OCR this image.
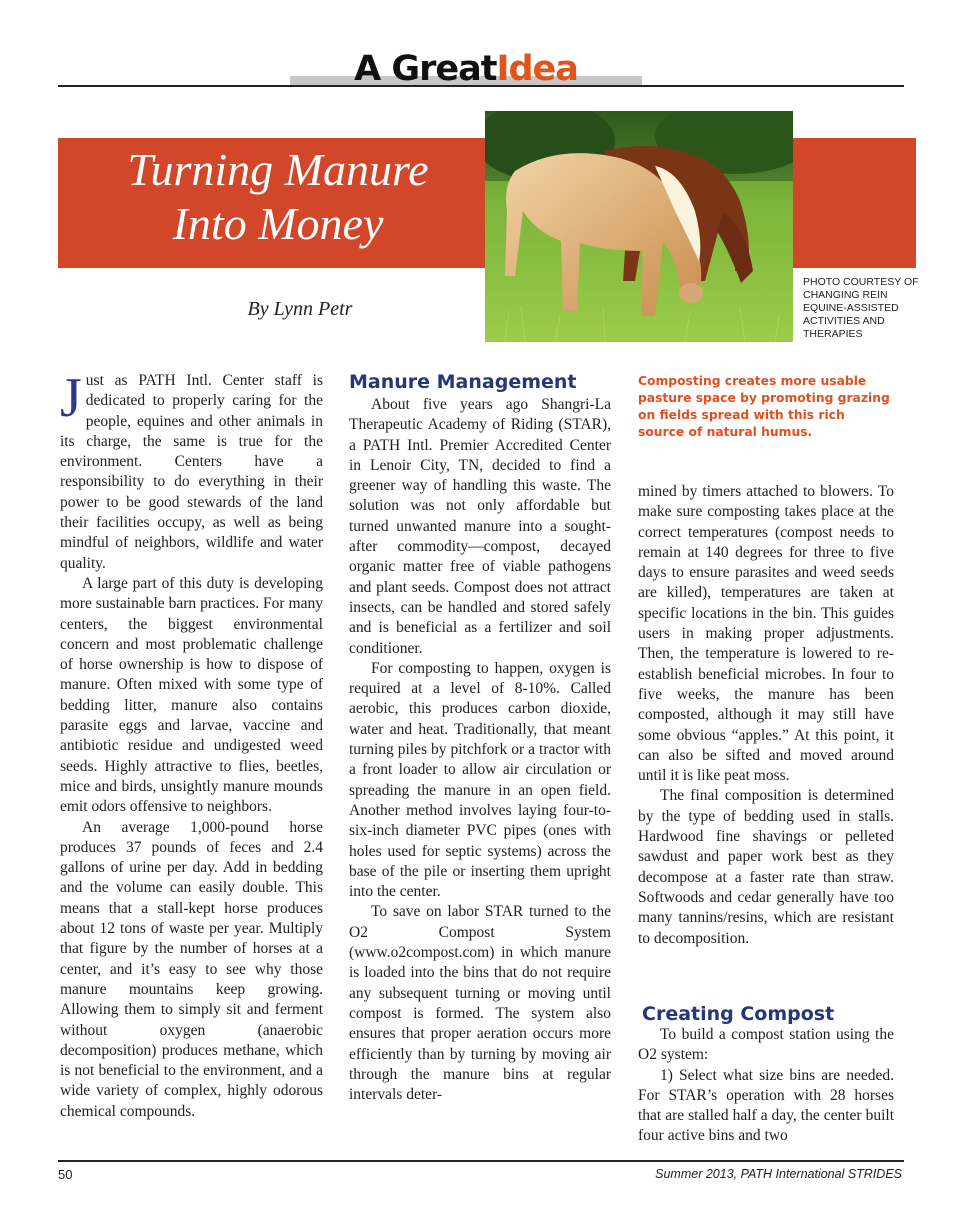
A GreatIdea
Turning Manure
Into Money
By Lynn Petr
PHOTO COURTESY OF CHANGING REIN EQUINE-ASSISTED ACTIVITIES AND THERAPIES

Just as PATH Intl. Center staff is dedicated to properly caring for the people, equines and other animals in its charge, the same is true for the environment. Centers have a responsibility to do everything in their power to be good stewards of the land their facilities occupy, as well as being mindful of neighbors, wildlife and water quality.

A large part of this duty is developing more sustainable barn practices. For many centers, the biggest environmental concern and most problematic challenge of horse ownership is how to dispose of manure. Often mixed with some type of bedding litter, manure also contains parasite eggs and larvae, vaccine and antibiotic residue and undigested weed seeds. Highly attractive to flies, beetles, mice and birds, unsightly manure mounds emit odors offensive to neighbors.

An average 1,000-pound horse produces 37 pounds of feces and 2.4 gallons of urine per day. Add in bedding and the volume can easily double. This means that a stall-kept horse produces about 12 tons of waste per year. Multiply that figure by the number of horses at a center, and it’s easy to see why those manure mountains keep growing. Allowing them to simply sit and ferment without oxygen (anaerobic decomposition) produces methane, which is not beneficial to the environment, and a wide variety of complex, highly odorous chemical compounds.

Manure Management

About five years ago Shangri-La Therapeutic Academy of Riding (STAR), a PATH Intl. Premier Accredited Center in Lenoir City, TN, decided to find a greener way of handling this waste. The solution was not only affordable but turned unwanted manure into a sought-after commodity—compost, decayed organic matter free of viable pathogens and plant seeds. Compost does not attract insects, can be handled and stored safely and is beneficial as a fertilizer and soil conditioner.

For composting to happen, oxygen is required at a level of 8-10%. Called aerobic, this produces carbon dioxide, water and heat. Traditionally, that meant turning piles by pitchfork or a tractor with a front loader to allow air circulation or spreading the manure in an open field. Another method involves laying four-to-six-inch diameter PVC pipes (ones with holes used for septic systems) across the base of the pile or inserting them upright into the center.

To save on labor STAR turned to the O2 Compost System (www.o2compost.com) in which manure is loaded into the bins that do not require any subsequent turning or moving until compost is formed. The system also ensures that proper aeration occurs more efficiently than by turning by moving air through the manure bins at regular intervals deter-

Composting creates more usable pasture space by promoting grazing on fields spread with this rich source of natural humus.

mined by timers attached to blowers. To make sure composting takes place at the correct temperatures (compost needs to remain at 140 degrees for three to five days to ensure parasites and weed seeds are killed), temperatures are taken at specific locations in the bin. This guides users in making proper adjustments. Then, the temperature is lowered to re-establish beneficial microbes. In four to five weeks, the manure has been composted, although it may still have some obvious “apples.” At this point, it can also be sifted and moved around until it is like peat moss.

The final composition is determined by the type of bedding used in stalls. Hardwood fine shavings or pelleted sawdust and paper work best as they decompose at a faster rate than straw. Softwoods and cedar generally have too many tannins/resins, which are resistant to decomposition.

Creating Compost

To build a compost station using the O2 system:

1) Select what size bins are needed. For STAR’s operation with 28 horses that are stalled half a day, the center built four active bins and two

50	Summer 2013, PATH International STRIDES
